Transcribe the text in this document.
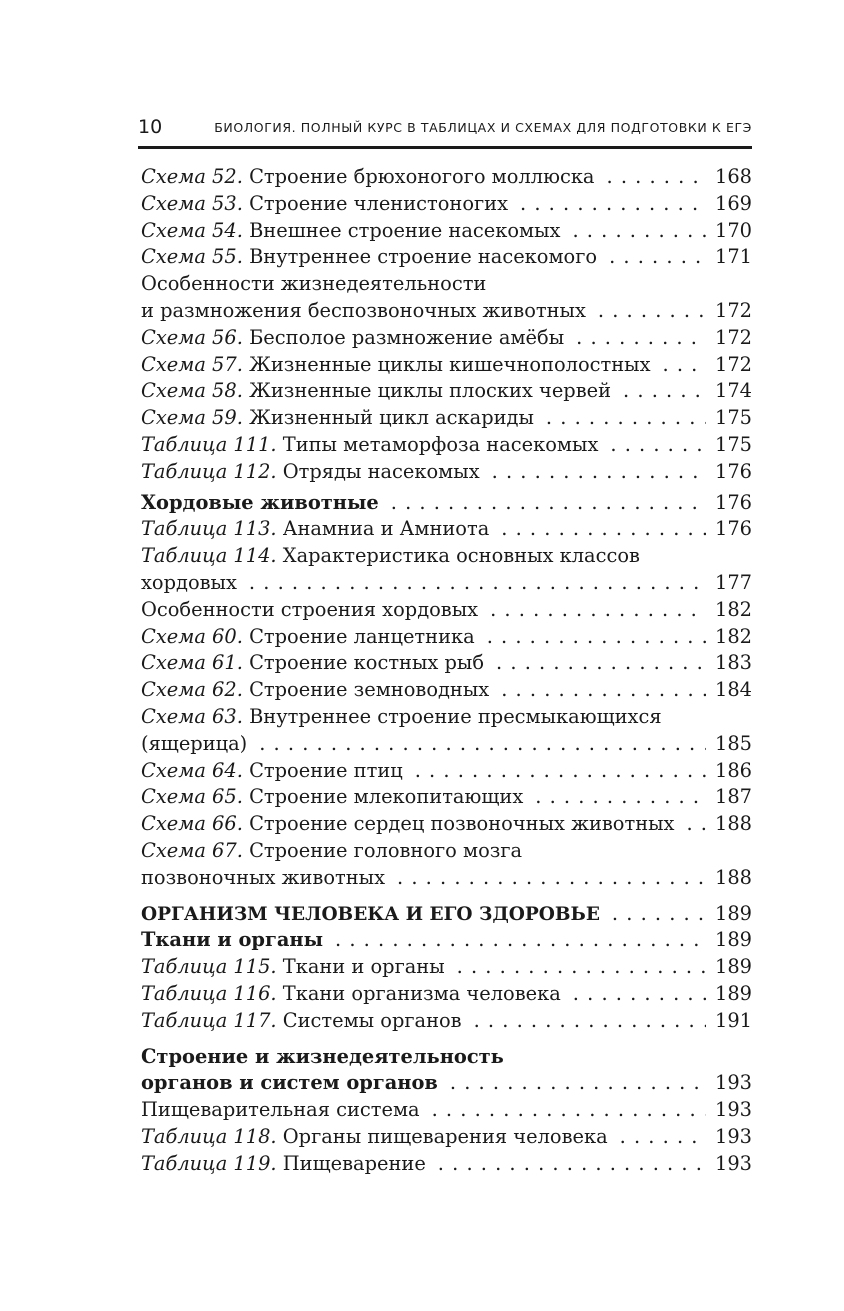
10	БИОЛОГИЯ. ПОЛНЫЙ КУРС В ТАБЛИЦАХ И СХЕМАХ ДЛЯ ПОДГОТОВКИ К ЕГЭ
Схема 52. Строение брюхоногого моллюска . . .	168
Схема 53. Строение членистоногих . . .	169
Схема 54. Внешнее строение насекомых . . .	170
Схема 55. Внутреннее строение насекомого . . .	171
Особенности жизнедеятельности
и размножения беспозвоночных животных . . .	172
Схема 56. Бесполое размножение амёбы . . .	172
Схема 57. Жизненные циклы кишечнополостных . . .	172
Схема 58. Жизненные циклы плоских червей . . .	174
Схема 59. Жизненный цикл аскариды . . .	175
Таблица 111. Типы метаморфоза насекомых . . .	175
Таблица 112. Отряды насекомых . . .	176
Хордовые животные . . .	176
Таблица 113. Анамниа и Амниота . . .	176
Таблица 114. Характеристика основных классов
хордовых . . .	177
Особенности строения хордовых . . .	182
Схема 60. Строение ланцетника . . .	182
Схема 61. Строение костных рыб . . .	183
Схема 62. Строение земноводных . . .	184
Схема 63. Внутреннее строение пресмыкающихся
(ящерица) . . .	185
Схема 64. Строение птиц . . .	186
Схема 65. Строение млекопитающих . . .	187
Схема 66. Строение сердец позвоночных животных . . . 188
Схема 67. Строение головного мозга
позвоночных животных . . .	188
ОРГАНИЗМ ЧЕЛОВЕКА И ЕГО ЗДОРОВЬЕ . . .	189
Ткани и органы . . .	189
Таблица 115. Ткани и органы . . .	189
Таблица 116. Ткани организма человека . . .	189
Таблица 117. Системы органов . . .	191
Строение и жизнедеятельность
органов и систем органов . . .	193
Пищеварительная система . . .	193
Таблица 118. Органы пищеварения человека . . .	193
Таблица 119. Пищеварение . . .	193
